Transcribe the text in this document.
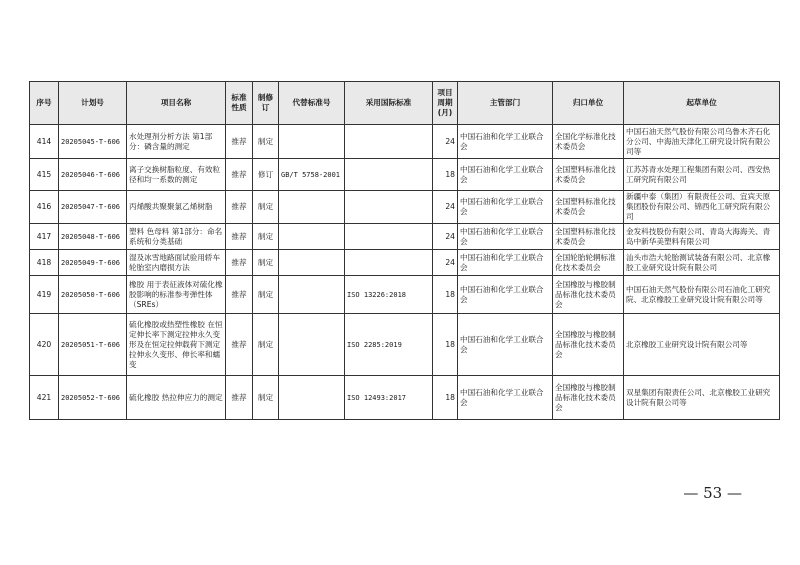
序号	计划号	项目名称	标准性质	制修订	代替标准号	采用国际标准	项目周期(月)	主管部门	归口单位	起草单位
414	20205045-T-606	水处理剂分析方法 第1部分：磷含量的测定	推荐	制定			24	中国石油和化学工业联合会	全国化学标准化技术委员会	中国石油天然气股份有限公司乌鲁木齐石化分公司、中海油天津化工研究设计院有限公司等
415	20205046-T-606	离子交换树脂粒度、有效粒径和均一系数的测定	推荐	修订	GB/T 5758-2001		18	中国石油和化学工业联合会	全国塑料标准化技术委员会	江苏苏青水处理工程集团有限公司、西安热工研究院有限公司
416	20205047-T-606	丙烯酸共聚聚氯乙烯树脂	推荐	制定			24	中国石油和化学工业联合会	全国塑料标准化技术委员会	新疆中泰（集团）有限责任公司、宜宾天原集团股份有限公司、锦西化工研究院有限公司
417	20205048-T-606	塑料 色母料 第1部分：命名系统和分类基础	推荐	制定			24	中国石油和化学工业联合会	全国塑料标准化技术委员会	金发科技股份有限公司、青岛大海海关、青岛中新华美塑料有限公司
418	20205049-T-606	湿及冰雪地路面试验用轿车轮胎室内磨损方法	推荐	制定			24	中国石油和化学工业联合会	全国轮胎轮辋标准化技术委员会	汕头市浩大轮胎测试装备有限公司、北京橡胶工业研究设计院有限公司
419	20205050-T-606	橡胶 用于表征液体对硫化橡胶影响的标准参考弹性体（SREs）	推荐	制定		ISO 13226:2018	18	中国石油和化学工业联合会	全国橡胶与橡胶制品标准化技术委员会	中国石油天然气股份有限公司石油化工研究院、北京橡胶工业研究设计院有限公司等
420	20205051-T-606	硫化橡胶或热塑性橡胶 在恒定伸长率下测定拉伸永久变形及在恒定拉伸载荷下测定拉伸永久变形、伸长率和蠕变	推荐	制定		ISO 2285:2019	18	中国石油和化学工业联合会	全国橡胶与橡胶制品标准化技术委员会	北京橡胶工业研究设计院有限公司等
421	20205052-T-606	硫化橡胶 热拉伸应力的测定	推荐	制定		ISO 12493:2017	18	中国石油和化学工业联合会	全国橡胶与橡胶制品标准化技术委员会	双星集团有限责任公司、北京橡胶工业研究设计院有限公司等
— 53 —
